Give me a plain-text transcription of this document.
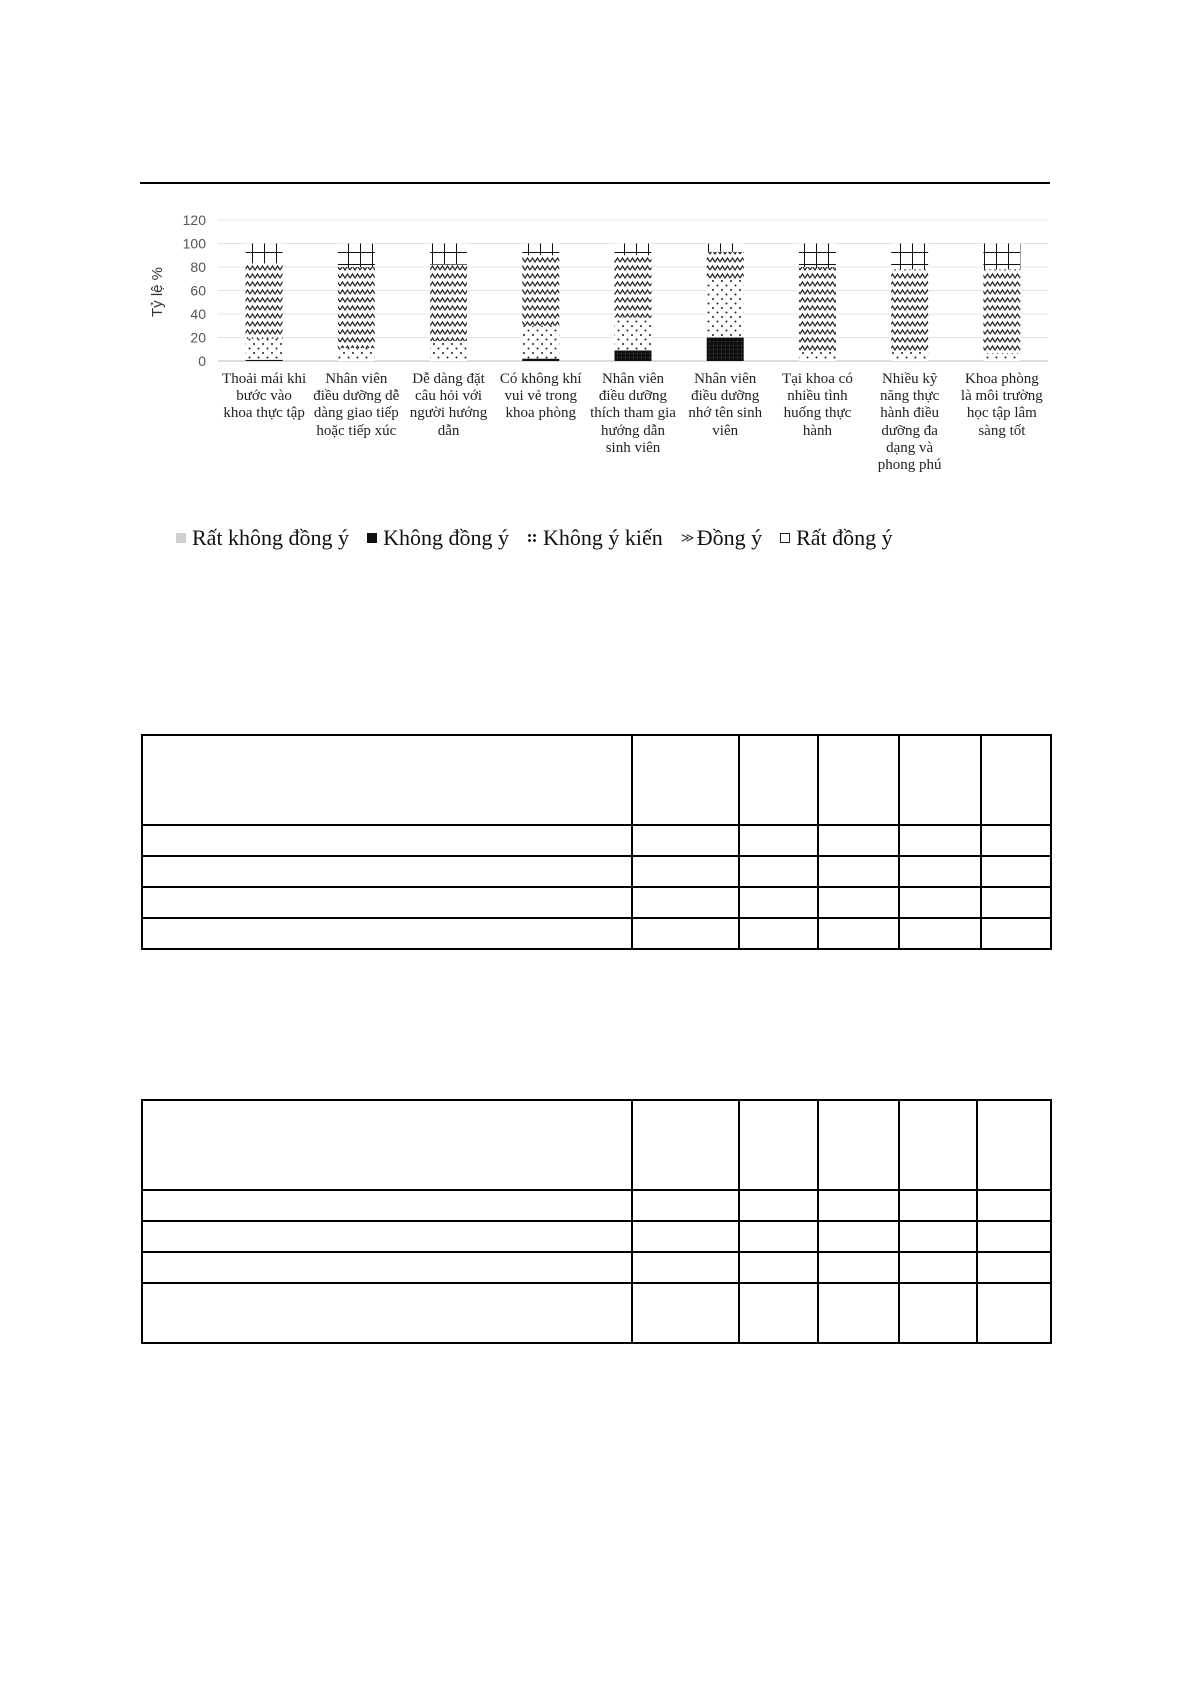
0
20
40
60
80
100
120
Tỷ lệ %
Thoải mái khi bước vào khoa thực tập
Nhân viên điều dưỡng dễ dàng giao tiếp hoặc tiếp xúc
Dễ dàng đặt câu hỏi với người hướng dẫn
Có không khí vui vẻ trong khoa phòng
Nhân viên điều dưỡng thích tham gia hướng dẫn sinh viên
Nhân viên điều dưỡng nhớ tên sinh viên
Tại khoa có nhiều tình huống thực hành
Nhiều kỹ năng thực hành điều dưỡng đa dạng và phong phú
Khoa phòng là môi trường học tập lâm sàng tốt
Rất không đồng ý Không đồng ý Không ý kiến ≫ Đồng ý Rất đồng ý
